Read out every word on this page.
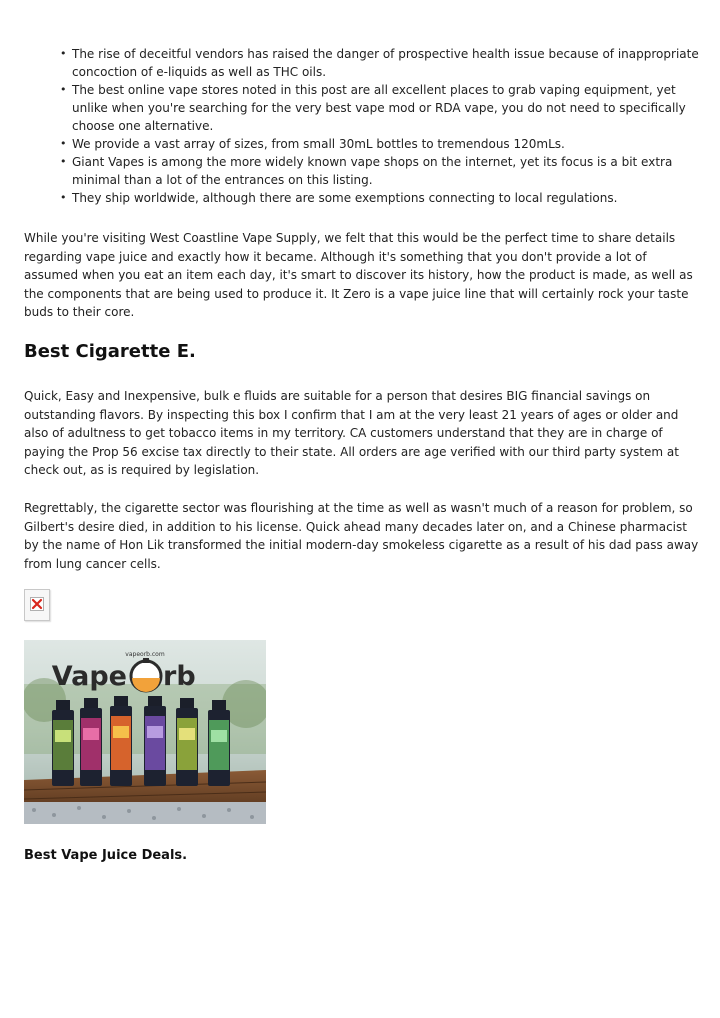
• The rise of deceitful vendors has raised the danger of prospective health issue because of inappropriate concoction of e-liquids as well as THC oils.
• The best online vape stores noted in this post are all excellent places to grab vaping equipment, yet unlike when you're searching for the very best vape mod or RDA vape, you do not need to specifically choose one alternative.
• We provide a vast array of sizes, from small 30mL bottles to tremendous 120mLs.
• Giant Vapes is among the more widely known vape shops on the internet, yet its focus is a bit extra minimal than a lot of the entrances on this listing.
• They ship worldwide, although there are some exemptions connecting to local regulations.

While you're visiting West Coastline Vape Supply, we felt that this would be the perfect time to share details regarding vape juice and exactly how it became. Although it's something that you don't provide a lot of assumed when you eat an item each day, it's smart to discover its history, how the product is made, as well as the components that are being used to produce it. It Zero is a vape juice line that will certainly rock your taste buds to their core.

Best Cigarette E.

Quick, Easy and Inexpensive, bulk e fluids are suitable for a person that desires BIG financial savings on outstanding flavors. By inspecting this box I confirm that I am at the very least 21 years of ages or older and also of adultness to get tobacco items in my territory. CA customers understand that they are in charge of paying the Prop 56 excise tax directly to their state. All orders are age verified with our third party system at check out, as is required by legislation.

Regrettably, the cigarette sector was flourishing at the time as well as wasn't much of a reason for problem, so Gilbert's desire died, in addition to his license. Quick ahead many decades later on, and a Chinese pharmacist by the name of Hon Lik transformed the initial modern-day smokeless cigarette as a result of his dad pass away from lung cancer cells.

vapeorb.com
Vape rb
Best Vape Juice Deals.
